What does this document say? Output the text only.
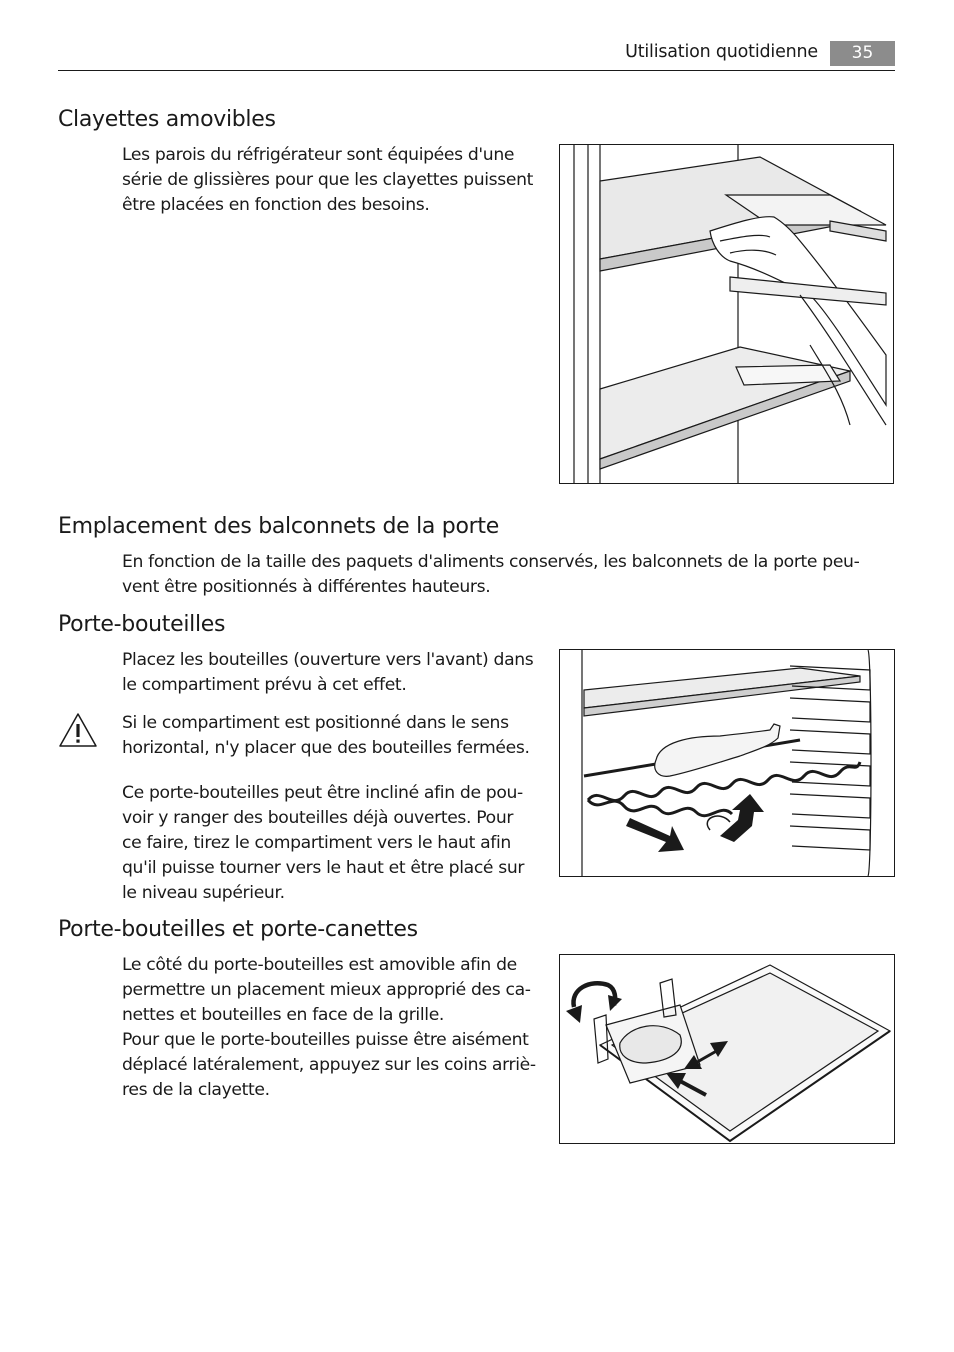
Utilisation quotidienne	35
Clayettes amovibles
Les parois du réfrigérateur sont équipées d'une
série de glissières pour que les clayettes puissent
être placées en fonction des besoins.
Emplacement des balconnets de la porte
En fonction de la taille des paquets d'aliments conservés, les balconnets de la porte peu-
vent être positionnés à différentes hauteurs.
Porte-bouteilles
Placez les bouteilles (ouverture vers l'avant) dans
le compartiment prévu à cet effet.
Si le compartiment est positionné dans le sens
horizontal, n'y placer que des bouteilles fermées.
Ce porte-bouteilles peut être incliné afin de pou-
voir y ranger des bouteilles déjà ouvertes. Pour
ce faire, tirez le compartiment vers le haut afin
qu'il puisse tourner vers le haut et être placé sur
le niveau supérieur.
Porte-bouteilles et porte-canettes
Le côté du porte-bouteilles est amovible afin de
permettre un placement mieux approprié des ca-
nettes et bouteilles en face de la grille.
Pour que le porte-bouteilles puisse être aisément
déplacé latéralement, appuyez sur les coins arriè-
res de la clayette.
